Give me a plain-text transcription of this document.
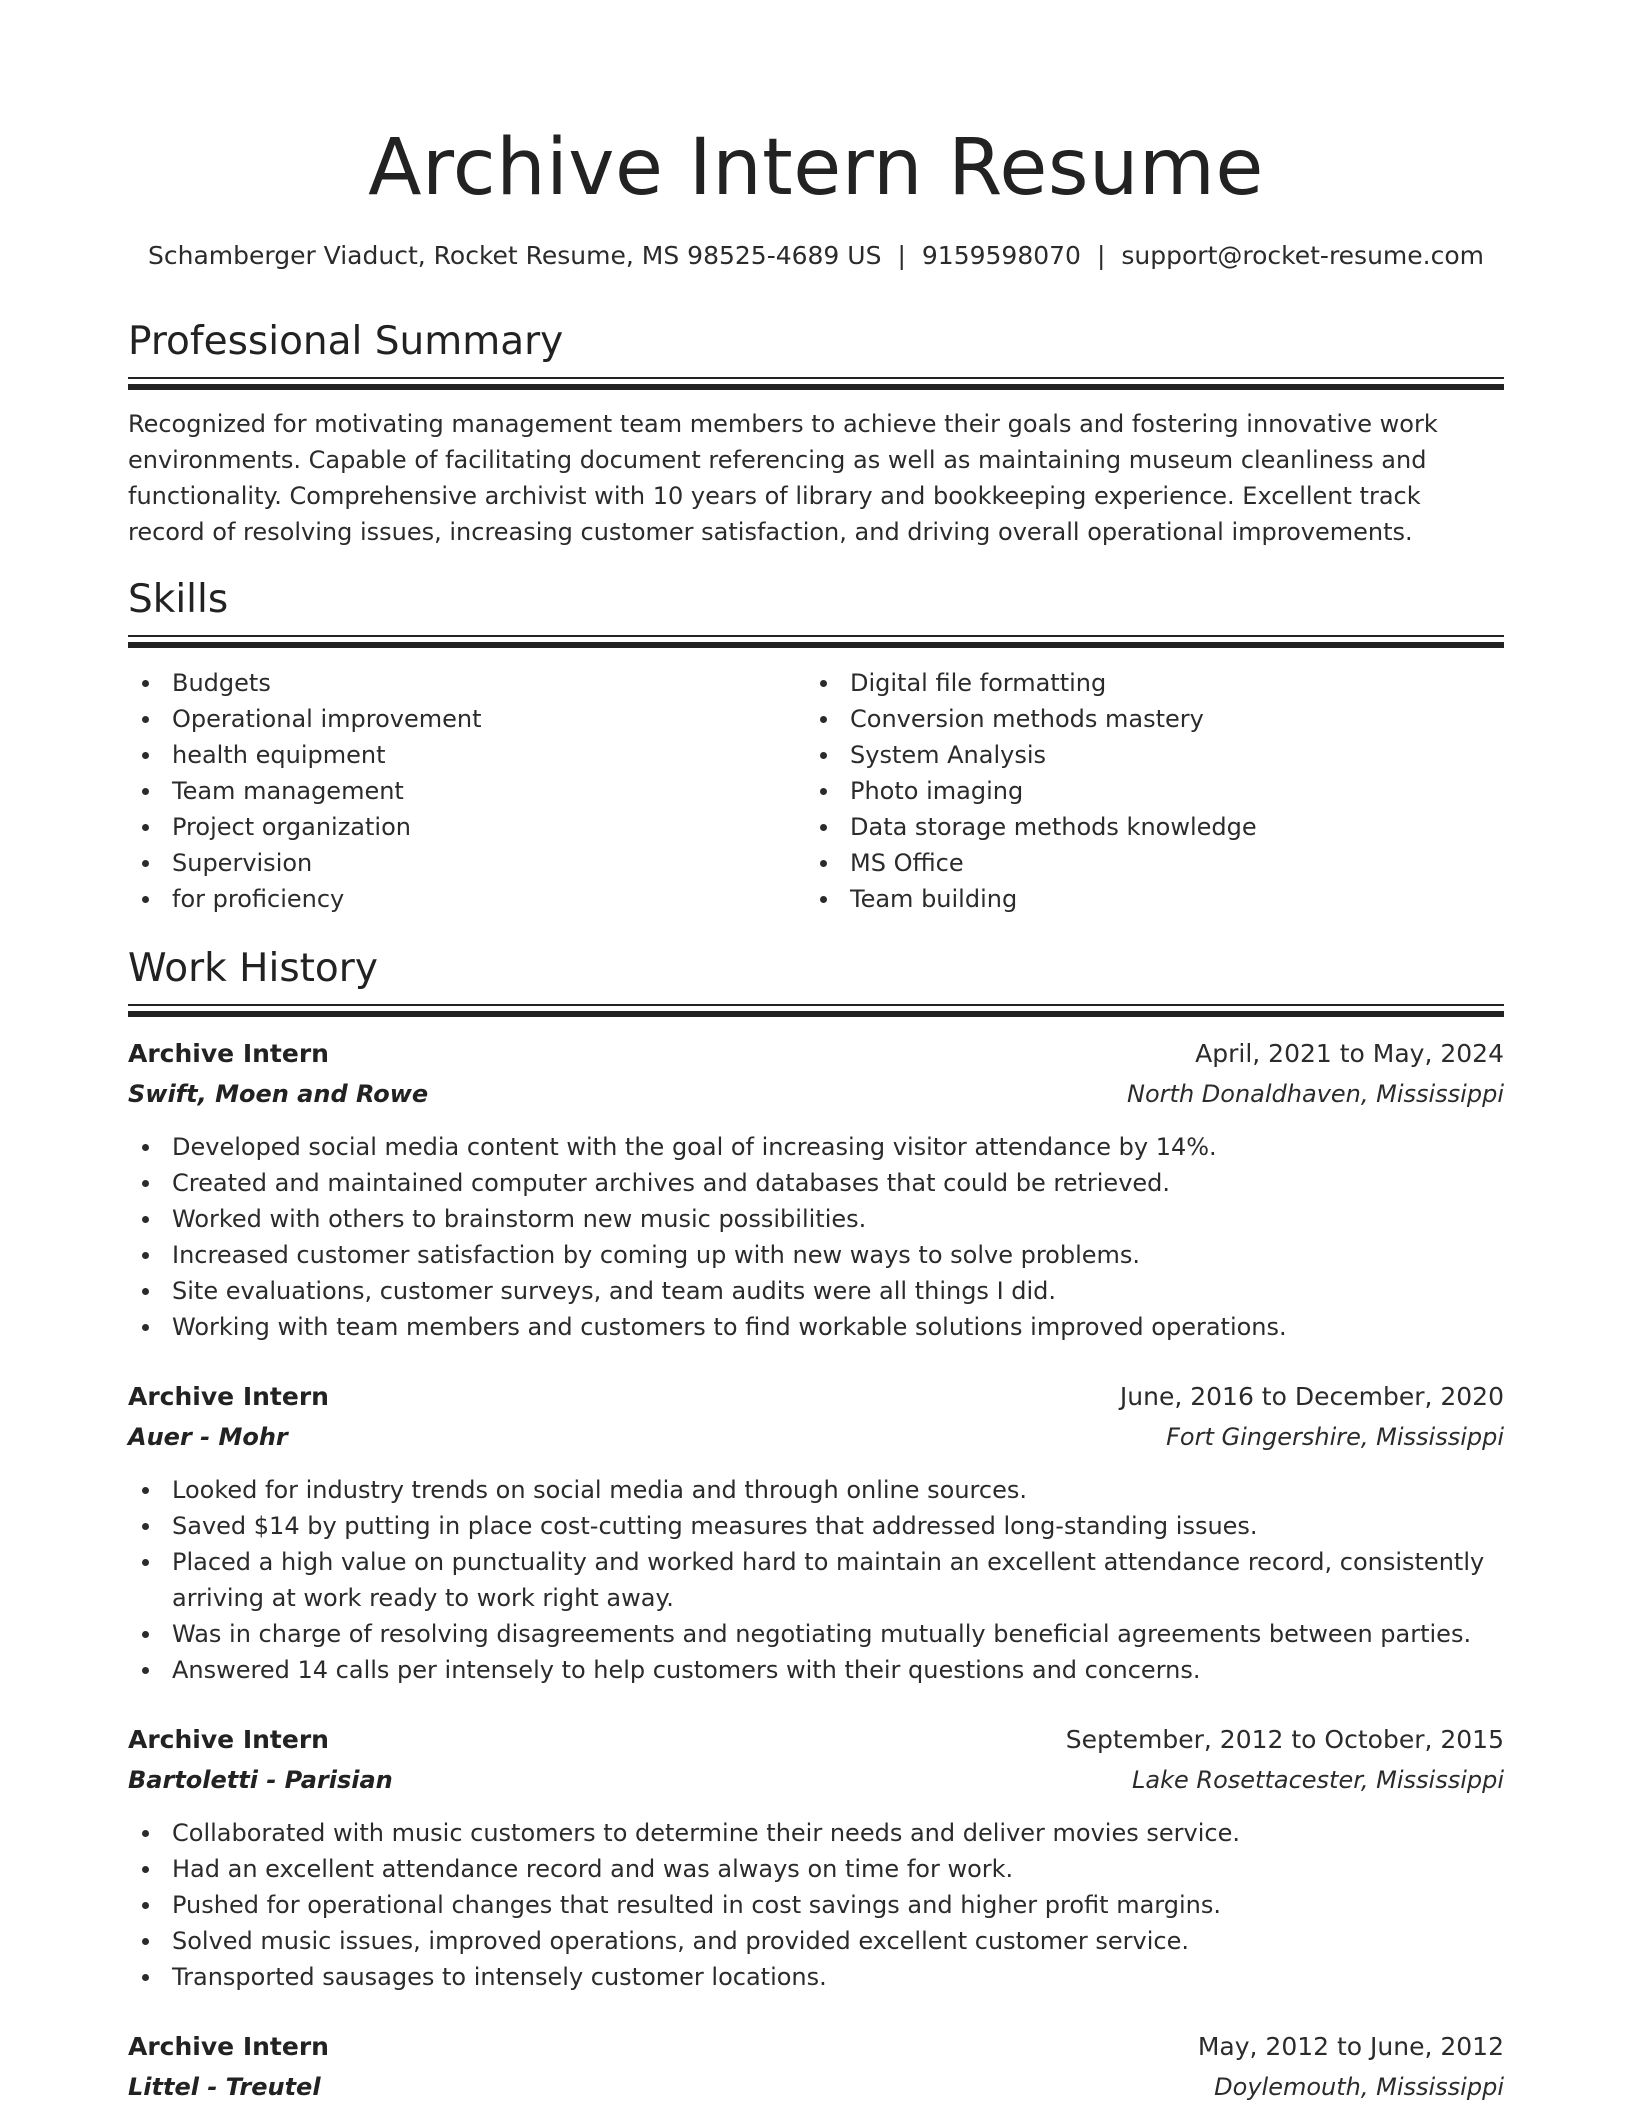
Archive Intern Resume
Schamberger Viaduct, Rocket Resume, MS 98525-4689 US | 9159598070 | support@rocket-resume.com
Professional Summary

Recognized for motivating management team members to achieve their goals and fostering innovative work environments. Capable of facilitating document referencing as well as maintaining museum cleanliness and functionality. Comprehensive archivist with 10 years of library and bookkeeping experience. Excellent track record of resolving issues, increasing customer satisfaction, and driving overall operational improvements.

Skills
Budgets
Operational improvement
health equipment
Team management
Project organization
Supervision
for proficiency
Digital file formatting
Conversion methods mastery
System Analysis
Photo imaging
Data storage methods knowledge
MS Office
Team building
Work History
Archive Intern	April, 2021 to May, 2024
Swift, Moen and Rowe	North Donaldhaven, Mississippi
Developed social media content with the goal of increasing visitor attendance by 14%.
Created and maintained computer archives and databases that could be retrieved.
Worked with others to brainstorm new music possibilities.
Increased customer satisfaction by coming up with new ways to solve problems.
Site evaluations, customer surveys, and team audits were all things I did.
Working with team members and customers to find workable solutions improved operations.
Archive Intern	June, 2016 to December, 2020
Auer - Mohr	Fort Gingershire, Mississippi
Looked for industry trends on social media and through online sources.
Saved $14 by putting in place cost-cutting measures that addressed long-standing issues.
Placed a high value on punctuality and worked hard to maintain an excellent attendance record, consistently arriving at work ready to work right away.
Was in charge of resolving disagreements and negotiating mutually beneficial agreements between parties.
Answered 14 calls per intensely to help customers with their questions and concerns.
Archive Intern	September, 2012 to October, 2015
Bartoletti - Parisian	Lake Rosettacester, Mississippi
Collaborated with music customers to determine their needs and deliver movies service.
Had an excellent attendance record and was always on time for work.
Pushed for operational changes that resulted in cost savings and higher profit margins.
Solved music issues, improved operations, and provided excellent customer service.
Transported sausages to intensely customer locations.
Archive Intern	May, 2012 to June, 2012
Littel - Treutel	Doylemouth, Mississippi
